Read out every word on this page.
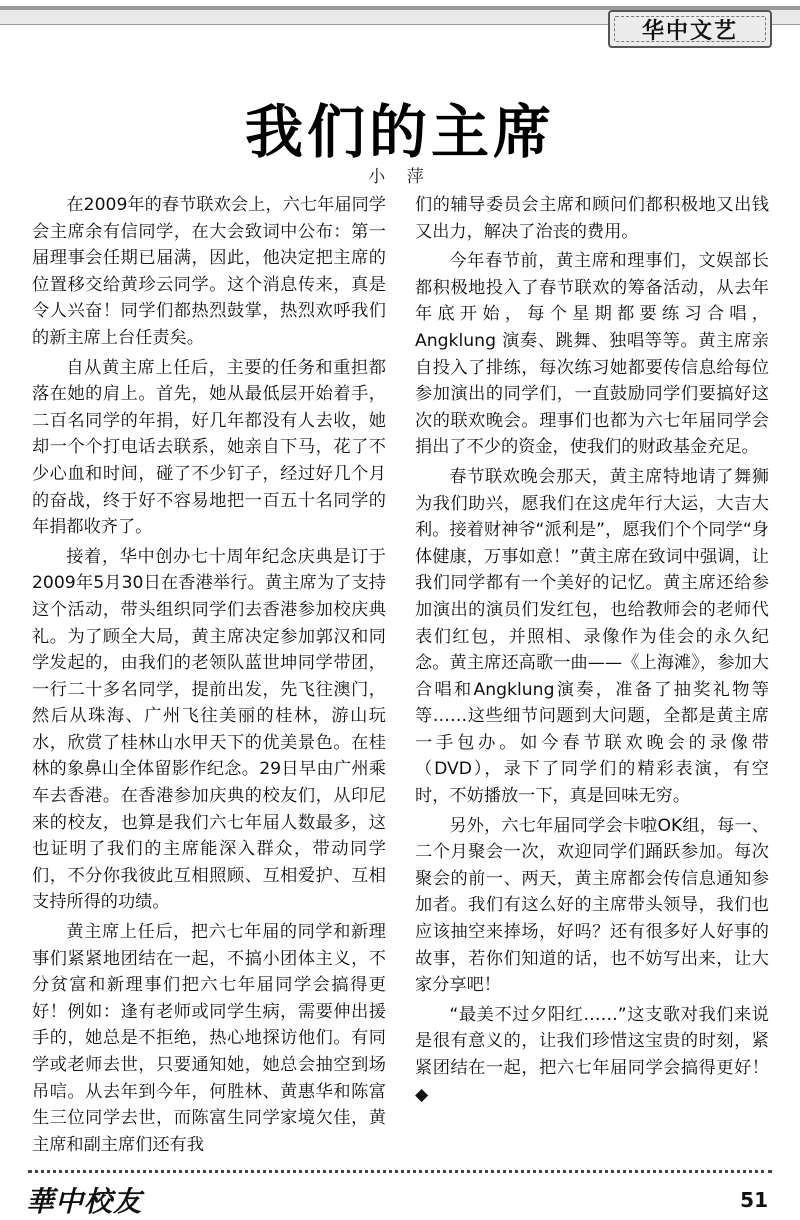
华中文艺
我们的主席
小 萍

在2009年的春节联欢会上，六七年届同学会主席余有信同学，在大会致词中公布：第一届理事会任期已届满，因此，他决定把主席的位置移交给黄珍云同学。这个消息传来，真是令人兴奋！同学们都热烈鼓掌，热烈欢呼我们的新主席上台任责矣。

自从黄主席上任后，主要的任务和重担都落在她的肩上。首先，她从最低层开始着手，二百名同学的年捐，好几年都没有人去收，她却一个个打电话去联系，她亲自下马，花了不少心血和时间，碰了不少钉子，经过好几个月的奋战，终于好不容易地把一百五十名同学的年捐都收齐了。

接着，华中创办七十周年纪念庆典是订于2009年5月30日在香港举行。黄主席为了支持这个活动，带头组织同学们去香港参加校庆典礼。为了顾全大局，黄主席决定参加郭汉和同学发起的，由我们的老领队蓝世坤同学带团，一行二十多名同学，提前出发，先飞往澳门，然后从珠海、广州飞往美丽的桂林，游山玩水，欣赏了桂林山水甲天下的优美景色。在桂林的象鼻山全体留影作纪念。29日早由广州乘车去香港。在香港参加庆典的校友们，从印尼来的校友，也算是我们六七年届人数最多，这也证明了我们的主席能深入群众，带动同学们，不分你我彼此互相照顾、互相爱护、互相支持所得的功绩。

黄主席上任后，把六七年届的同学和新理事们紧紧地团结在一起，不搞小团体主义，不分贫富和新理事们把六七年届同学会搞得更好！例如：逢有老师或同学生病，需要伸出援手的，她总是不拒绝，热心地探访他们。有同学或老师去世，只要通知她，她总会抽空到场吊唁。从去年到今年，何胜林、黄惠华和陈富生三位同学去世，而陈富生同学家境欠佳，黄主席和副主席们还有我

们的辅导委员会主席和顾问们都积极地又出钱又出力，解决了治丧的费用。

今年春节前，黄主席和理事们，文娱部长都积极地投入了春节联欢的筹备活动，从去年年底开始，每个星期都要练习合唱，Angklung 演奏、跳舞、独唱等等。黄主席亲自投入了排练，每次练习她都要传信息给每位参加演出的同学们，一直鼓励同学们要搞好这次的联欢晚会。理事们也都为六七年届同学会捐出了不少的资金，使我们的财政基金充足。

春节联欢晚会那天，黄主席特地请了舞狮为我们助兴，愿我们在这虎年行大运，大吉大利。接着财神爷“派利是”，愿我们个个同学“身体健康，万事如意！”黄主席在致词中强调，让我们同学都有一个美好的记忆。黄主席还给参加演出的演员们发红包，也给教师会的老师代表们红包，并照相、录像作为佳会的永久纪念。黄主席还高歌一曲——《上海滩》，参加大合唱和Angklung演奏，准备了抽奖礼物等等……这些细节问题到大问题，全都是黄主席一手包办。如今春节联欢晚会的录像带（DVD），录下了同学们的精彩表演，有空时，不妨播放一下，真是回味无穷。

另外，六七年届同学会卡啦OK组，每一、二个月聚会一次，欢迎同学们踊跃参加。每次聚会的前一、两天，黄主席都会传信息通知参加者。我们有这么好的主席带头领导，我们也应该抽空来捧场，好吗？还有很多好人好事的故事，若你们知道的话，也不妨写出来，让大家分享吧！

“最美不过夕阳红……”这支歌对我们来说是很有意义的，让我们珍惜这宝贵的时刻，紧紧团结在一起，把六七年届同学会搞得更好！◆

華中校友	51
